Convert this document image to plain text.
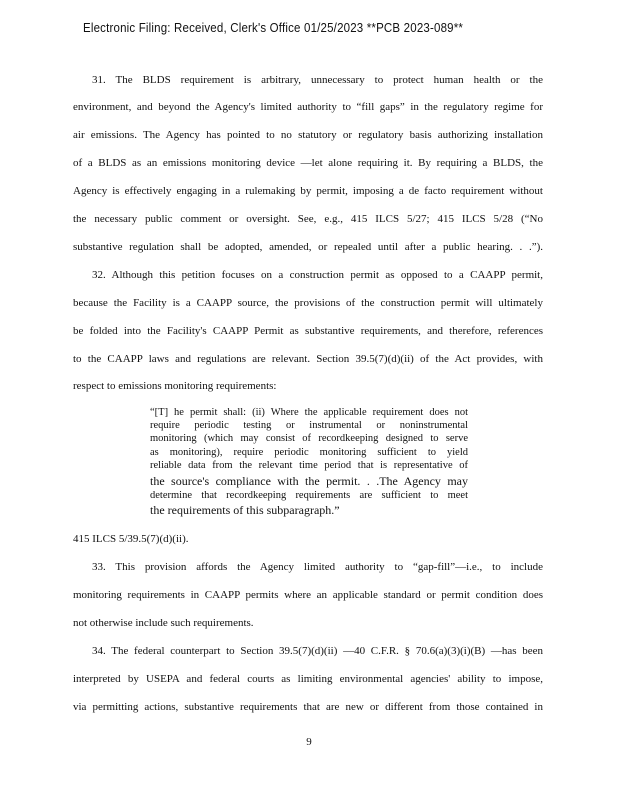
Electronic Filing: Received, Clerk's Office 01/25/2023 **PCB 2023-089**
31. The BLDS requirement is arbitrary, unnecessary to protect human health or the
environment, and beyond the Agency's limited authority to “fill gaps” in the regulatory regime for
air emissions. The Agency has pointed to no statutory or regulatory basis authorizing installation
of a BLDS as an emissions monitoring device —let alone requiring it. By requiring a BLDS, the
Agency is effectively engaging in a rulemaking by permit, imposing a de facto requirement without
the necessary public comment or oversight. See, e.g., 415 ILCS 5/27; 415 ILCS 5/28 (“No
substantive regulation shall be adopted, amended, or repealed until after a public hearing. . .”).
32. Although this petition focuses on a construction permit as opposed to a CAAPP permit,
because the Facility is a CAAPP source, the provisions of the construction permit will ultimately
be folded into the Facility's CAAPP Permit as substantive requirements, and therefore, references
to the CAAPP laws and regulations are relevant. Section 39.5(7)(d)(ii) of the Act provides, with
respect to emissions monitoring requirements:
“[T] he permit shall: (ii) Where the applicable requirement does not
require periodic testing or instrumental or noninstrumental
monitoring (which may consist of recordkeeping designed to serve
as monitoring), require periodic monitoring sufficient to yield
reliable data from the relevant time period that is representative of
the source's compliance with the permit. . .The Agency may
determine that recordkeeping requirements are sufficient to meet
the requirements of this subparagraph.”
415 ILCS 5/39.5(7)(d)(ii).
33. This provision affords the Agency limited authority to “gap-fill”—i.e., to include
monitoring requirements in CAAPP permits where an applicable standard or permit condition does
not otherwise include such requirements.
34. The federal counterpart to Section 39.5(7)(d)(ii) —40 C.F.R. § 70.6(a)(3)(i)(B) —has been
interpreted by USEPA and federal courts as limiting environmental agencies' ability to impose,
via permitting actions, substantive requirements that are new or different from those contained in
9
